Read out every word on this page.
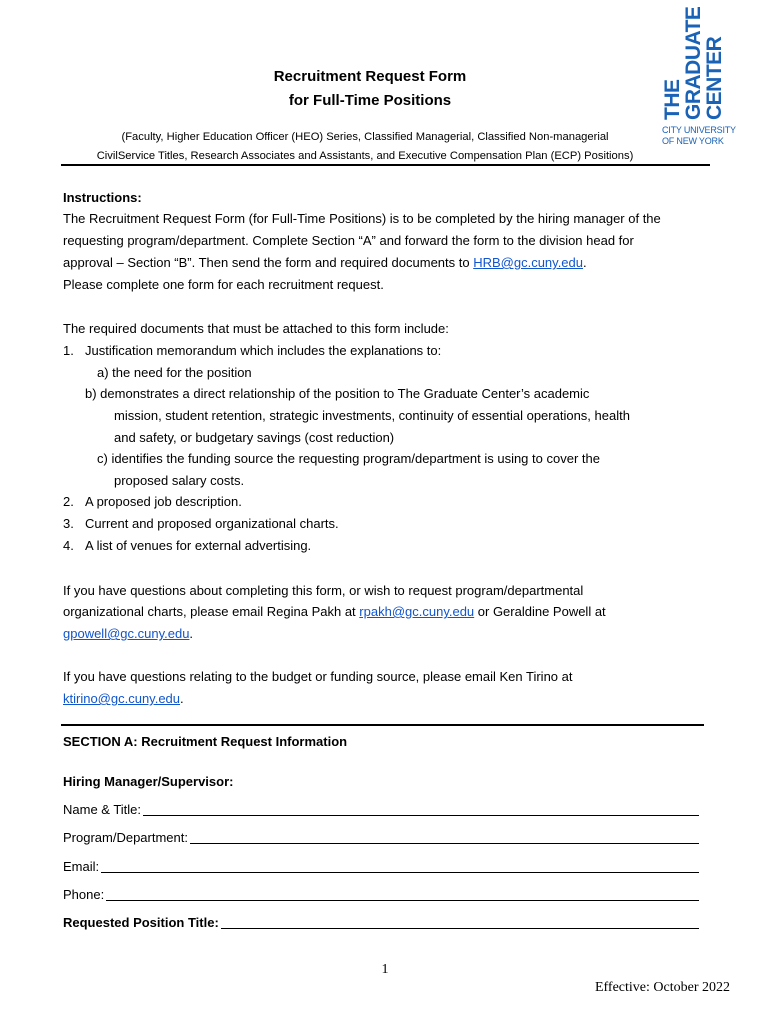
THE
GRADUATE
CENTER
CITY UNIVERSITY
OF NEW YORK
Recruitment Request Form
for Full-Time Positions
(Faculty, Higher Education Officer (HEO) Series, Classified Managerial, Classified Non-managerial
CivilService Titles, Research Associates and Assistants, and Executive Compensation Plan (ECP) Positions)
Instructions:
The Recruitment Request Form (for Full-Time Positions) is to be completed by the hiring manager of the
requesting program/department. Complete Section “A” and forward the form to the division head for
approval – Section “B”. Then send the form and required documents to HRB@gc.cuny.edu.
Please complete one form for each recruitment request.
The required documents that must be attached to this form include:
1. Justification memorandum which includes the explanations to:
a) the need for the position
b) demonstrates a direct relationship of the position to The Graduate Center’s academic
mission, student retention, strategic investments, continuity of essential operations, health
and safety, or budgetary savings (cost reduction)
c) identifies the funding source the requesting program/department is using to cover the
proposed salary costs.
2. A proposed job description.
3. Current and proposed organizational charts.
4. A list of venues for external advertising.
If you have questions about completing this form, or wish to request program/departmental
organizational charts, please email Regina Pakh at rpakh@gc.cuny.edu or Geraldine Powell at
gpowell@gc.cuny.edu.
If you have questions relating to the budget or funding source, please email Ken Tirino at
ktirino@gc.cuny.edu.
SECTION A: Recruitment Request Information
Hiring Manager/Supervisor:
Name & Title:
Program/Department:
Email:
Phone:
Requested Position Title:
1
Effective: October 2022
